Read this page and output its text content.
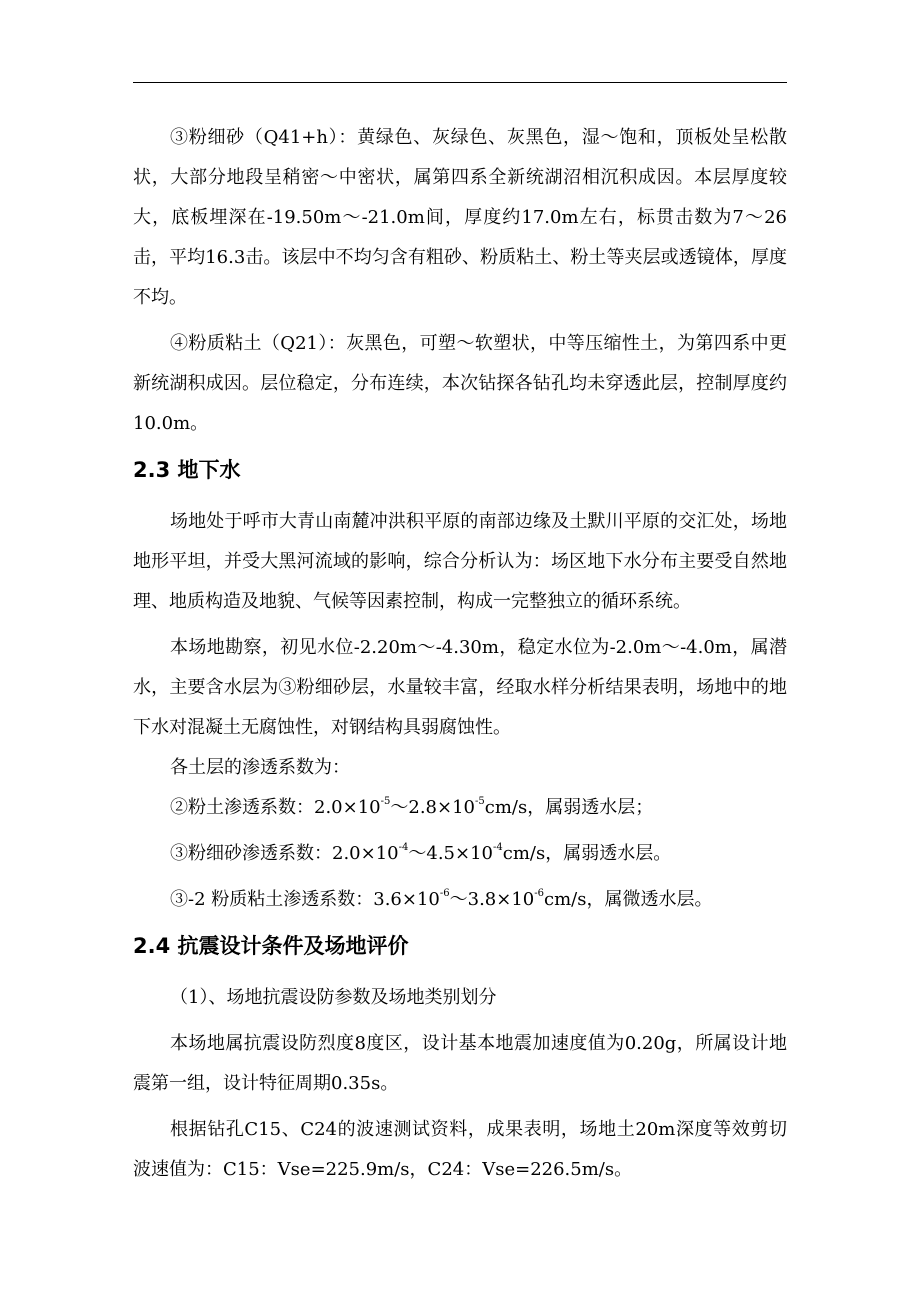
③粉细砂（Q41+h）：黄绿色、灰绿色、灰黑色，湿～饱和，顶板处呈松散状，大部分地段呈稍密～中密状，属第四系全新统湖沼相沉积成因。本层厚度较大，底板埋深在-19.50m～-21.0m间，厚度约17.0m左右，标贯击数为7～26击，平均16.3击。该层中不均匀含有粗砂、粉质粘土、粉土等夹层或透镜体，厚度不均。

④粉质粘土（Q21）：灰黑色，可塑～软塑状，中等压缩性土，为第四系中更新统湖积成因。层位稳定，分布连续，本次钻探各钻孔均未穿透此层，控制厚度约10.0m。

2.3 地下水

场地处于呼市大青山南麓冲洪积平原的南部边缘及土默川平原的交汇处，场地地形平坦，并受大黑河流域的影响，综合分析认为：场区地下水分布主要受自然地理、地质构造及地貌、气候等因素控制，构成一完整独立的循环系统。

本场地勘察，初见水位-2.20m～-4.30m，稳定水位为-2.0m～-4.0m，属潜水，主要含水层为③粉细砂层，水量较丰富，经取水样分析结果表明，场地中的地下水对混凝土无腐蚀性，对钢结构具弱腐蚀性。

各土层的渗透系数为：

②粉土渗透系数：$2.0\times 10^{-5}\sim 2.8\times 10^{-5}cm/s$，属弱透水层；

③粉细砂渗透系数：$2.0\times 10^{-4}\sim 4.5\times 10^{-4}cm/s$，属弱透水层。

③-2 粉质粘土渗透系数：$3.6\times 10^{-6}\sim 3.8\times 10^{-6}cm/s$，属微透水层。

2.4 抗震设计条件及场地评价

（1）、场地抗震设防参数及场地类别划分

本场地属抗震设防烈度8度区，设计基本地震加速度值为0.20g，所属设计地震第一组，设计特征周期0.35s。

根据钻孔C15、C24的波速测试资料，成果表明，场地土20m深度等效剪切波速值为：C15：Vse=225.9m/s，C24：Vse=226.5m/s。
